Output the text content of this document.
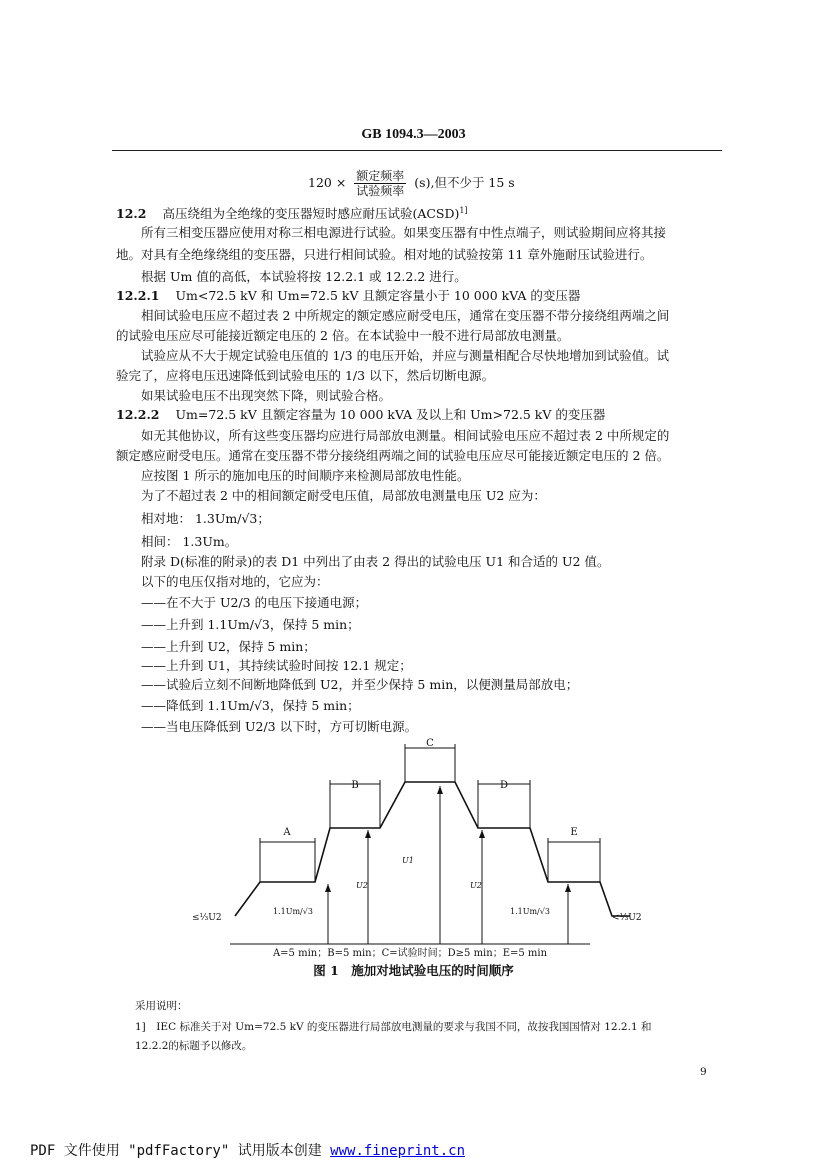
GB 1094.3—2003
$120 \times \frac{\text{额定频率}}{\text{试验频率}} (s)$,但不少于 15 s
12.2 高压绕组为全绝缘的变压器短时感应耐压试验(ACSD)$^{1]}$
所有三相变压器应使用对称三相电源进行试验。如果变压器有中性点端子，则试验期间应将其接
地。对具有全绝缘绕组的变压器，只进行相间试验。相对地的试验按第 11 章外施耐压试验进行。
根据 Um 值的高低，本试验将按 12.2.1 或 12.2.2 进行。
12.2.1 Um<72.5 kV 和 Um=72.5 kV 且额定容量小于 10 000 kVA 的变压器
相间试验电压应不超过表 2 中所规定的额定感应耐受电压，通常在变压器不带分接绕组两端之间
的试验电压应尽可能接近额定电压的 2 倍。在本试验中一般不进行局部放电测量。
试验应从不大于规定试验电压值的 1/3 的电压开始，并应与测量相配合尽快地增加到试验值。试
验完了，应将电压迅速降低到试验电压的 1/3 以下，然后切断电源。
如果试验电压不出现突然下降，则试验合格。
12.2.2 Um=72.5 kV 且额定容量为 10 000 kVA 及以上和 Um>72.5 kV 的变压器
如无其他协议，所有这些变压器均应进行局部放电测量。相间试验电压应不超过表 2 中所规定的
额定感应耐受电压。通常在变压器不带分接绕组两端之间的试验电压应尽可能接近额定电压的 2 倍。
应按图 1 所示的施加电压的时间顺序来检测局部放电性能。
为了不超过表 2 中的相间额定耐受电压值，局部放电测量电压 U2 应为：
相对地： 1.3Um/√3；
相间： 1.3Um。
附录 D(标准的附录)的表 D1 中列出了由表 2 得出的试验电压 U1 和合适的 U2 值。
以下的电压仅指对地的，它应为：
——在不大于 U2/3 的电压下接通电源；
——上升到 1.1Um/√3，保持 5 min；
——上升到 U2，保持 5 min；
——上升到 U1，其持续试验时间按 12.1 规定；
——试验后立刻不间断地降低到 U2，并至少保持 5 min，以便测量局部放电；
——降低到 1.1Um/√3，保持 5 min；
——当电压降低到 U2/3 以下时，方可切断电源。
A
B
C
D
E
U1
U2	U2
1.1Um/√3	1.1Um/√3
≤⅓U2	<⅓U2
A=5 min；B=5 min；C=试验时间；D≥5 min；E=5 min
图 1　施加对地试验电压的时间顺序
采用说明：
1]　IEC 标准关于对 Um=72.5 kV 的变压器进行局部放电测量的要求与我国不同，故按我国国情对 12.2.1 和
12.2.2的标题予以修改。
9
PDF 文件使用 "pdfFactory" 试用版本创建 www.fineprint.cn
